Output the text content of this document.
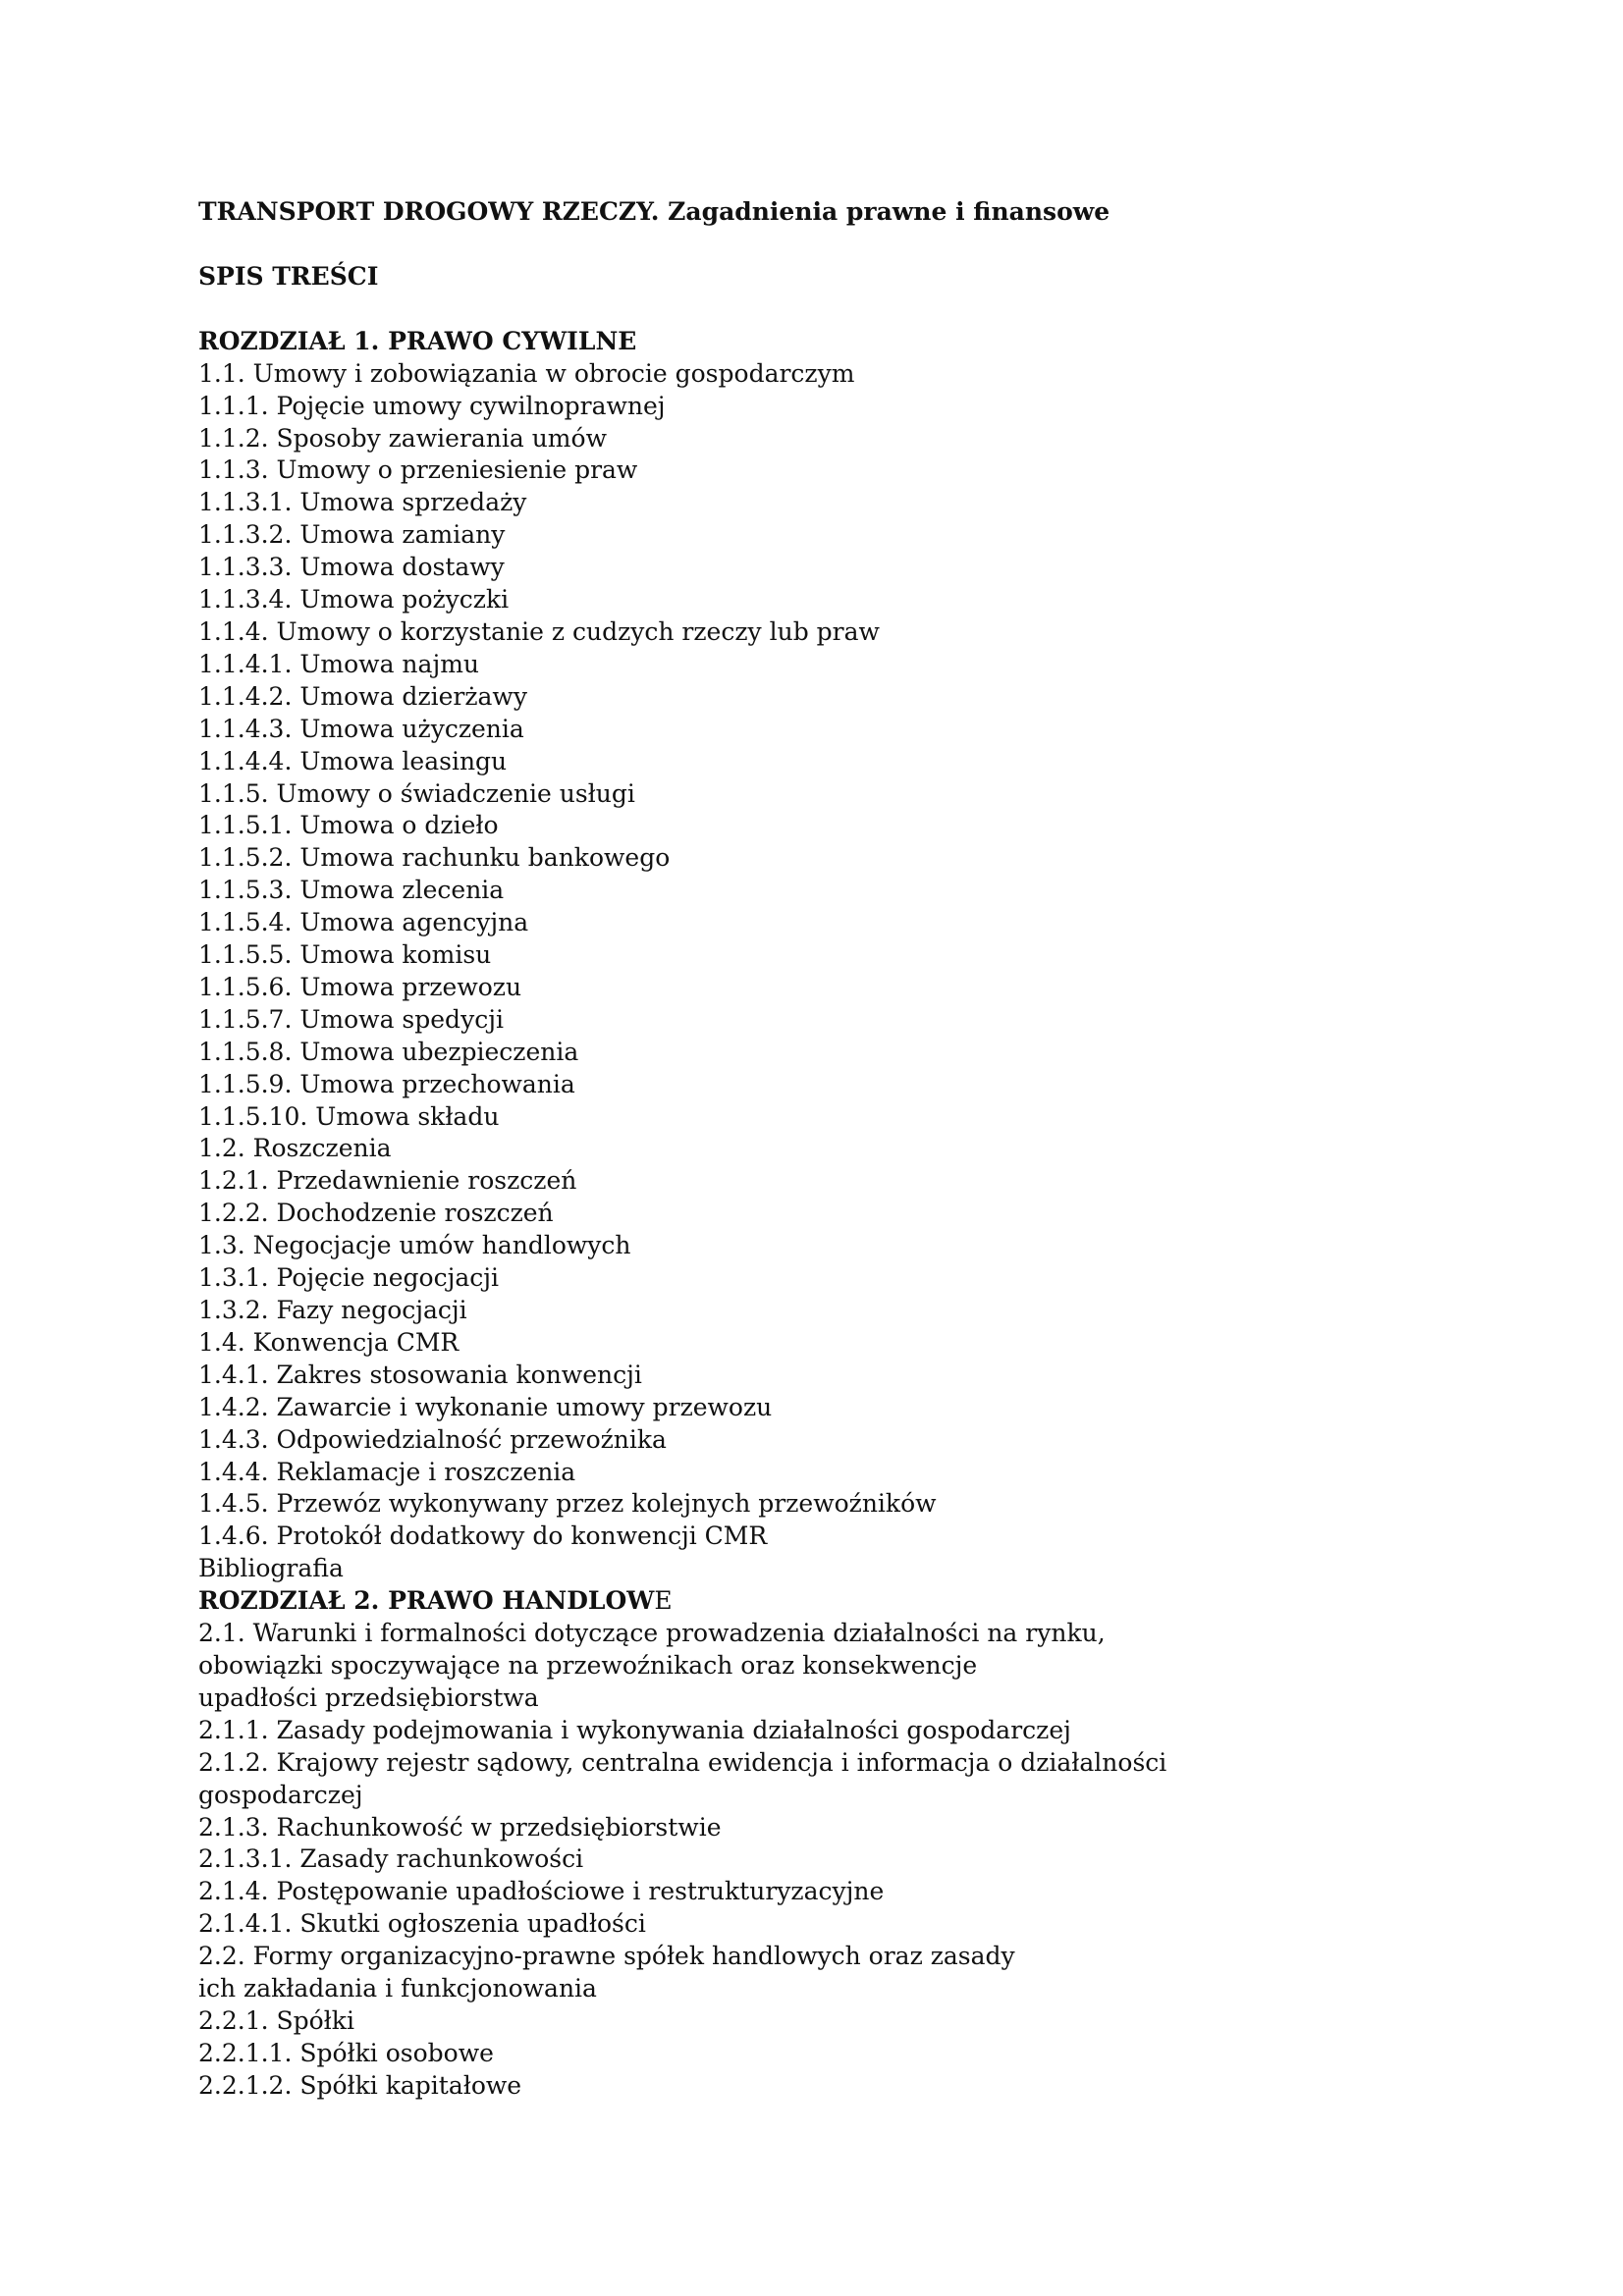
TRANSPORT DROGOWY RZECZY. Zagadnienia prawne i finansowe

SPIS TREŚCI

ROZDZIAŁ 1. PRAWO CYWILNE

1.1. Umowy i zobowiązania w obrocie gospodarczym

1.1.1. Pojęcie umowy cywilnoprawnej

1.1.2. Sposoby zawierania umów

1.1.3. Umowy o przeniesienie praw

1.1.3.1. Umowa sprzedaży

1.1.3.2. Umowa zamiany

1.1.3.3. Umowa dostawy

1.1.3.4. Umowa pożyczki

1.1.4. Umowy o korzystanie z cudzych rzeczy lub praw

1.1.4.1. Umowa najmu

1.1.4.2. Umowa dzierżawy

1.1.4.3. Umowa użyczenia

1.1.4.4. Umowa leasingu

1.1.5. Umowy o świadczenie usługi

1.1.5.1. Umowa o dzieło

1.1.5.2. Umowa rachunku bankowego

1.1.5.3. Umowa zlecenia

1.1.5.4. Umowa agencyjna

1.1.5.5. Umowa komisu

1.1.5.6. Umowa przewozu

1.1.5.7. Umowa spedycji

1.1.5.8. Umowa ubezpieczenia

1.1.5.9. Umowa przechowania

1.1.5.10. Umowa składu

1.2. Roszczenia

1.2.1. Przedawnienie roszczeń

1.2.2. Dochodzenie roszczeń

1.3. Negocjacje umów handlowych

1.3.1. Pojęcie negocjacji

1.3.2. Fazy negocjacji

1.4. Konwencja CMR

1.4.1. Zakres stosowania konwencji

1.4.2. Zawarcie i wykonanie umowy przewozu

1.4.3. Odpowiedzialność przewoźnika

1.4.4. Reklamacje i roszczenia

1.4.5. Przewóz wykonywany przez kolejnych przewoźników

1.4.6. Protokół dodatkowy do konwencji CMR

Bibliografia

ROZDZIAŁ 2. PRAWO HANDLOWE

2.1. Warunki i formalności dotyczące prowadzenia działalności na rynku,

obowiązki spoczywające na przewoźnikach oraz konsekwencje

upadłości przedsiębiorstwa

2.1.1. Zasady podejmowania i wykonywania działalności gospodarczej

2.1.2. Krajowy rejestr sądowy, centralna ewidencja i informacja o działalności

gospodarczej

2.1.3. Rachunkowość w przedsiębiorstwie

2.1.3.1. Zasady rachunkowości

2.1.4. Postępowanie upadłościowe i restrukturyzacyjne

2.1.4.1. Skutki ogłoszenia upadłości

2.2. Formy organizacyjno-prawne spółek handlowych oraz zasady

ich zakładania i funkcjonowania

2.2.1. Spółki

2.2.1.1. Spółki osobowe

2.2.1.2. Spółki kapitałowe
